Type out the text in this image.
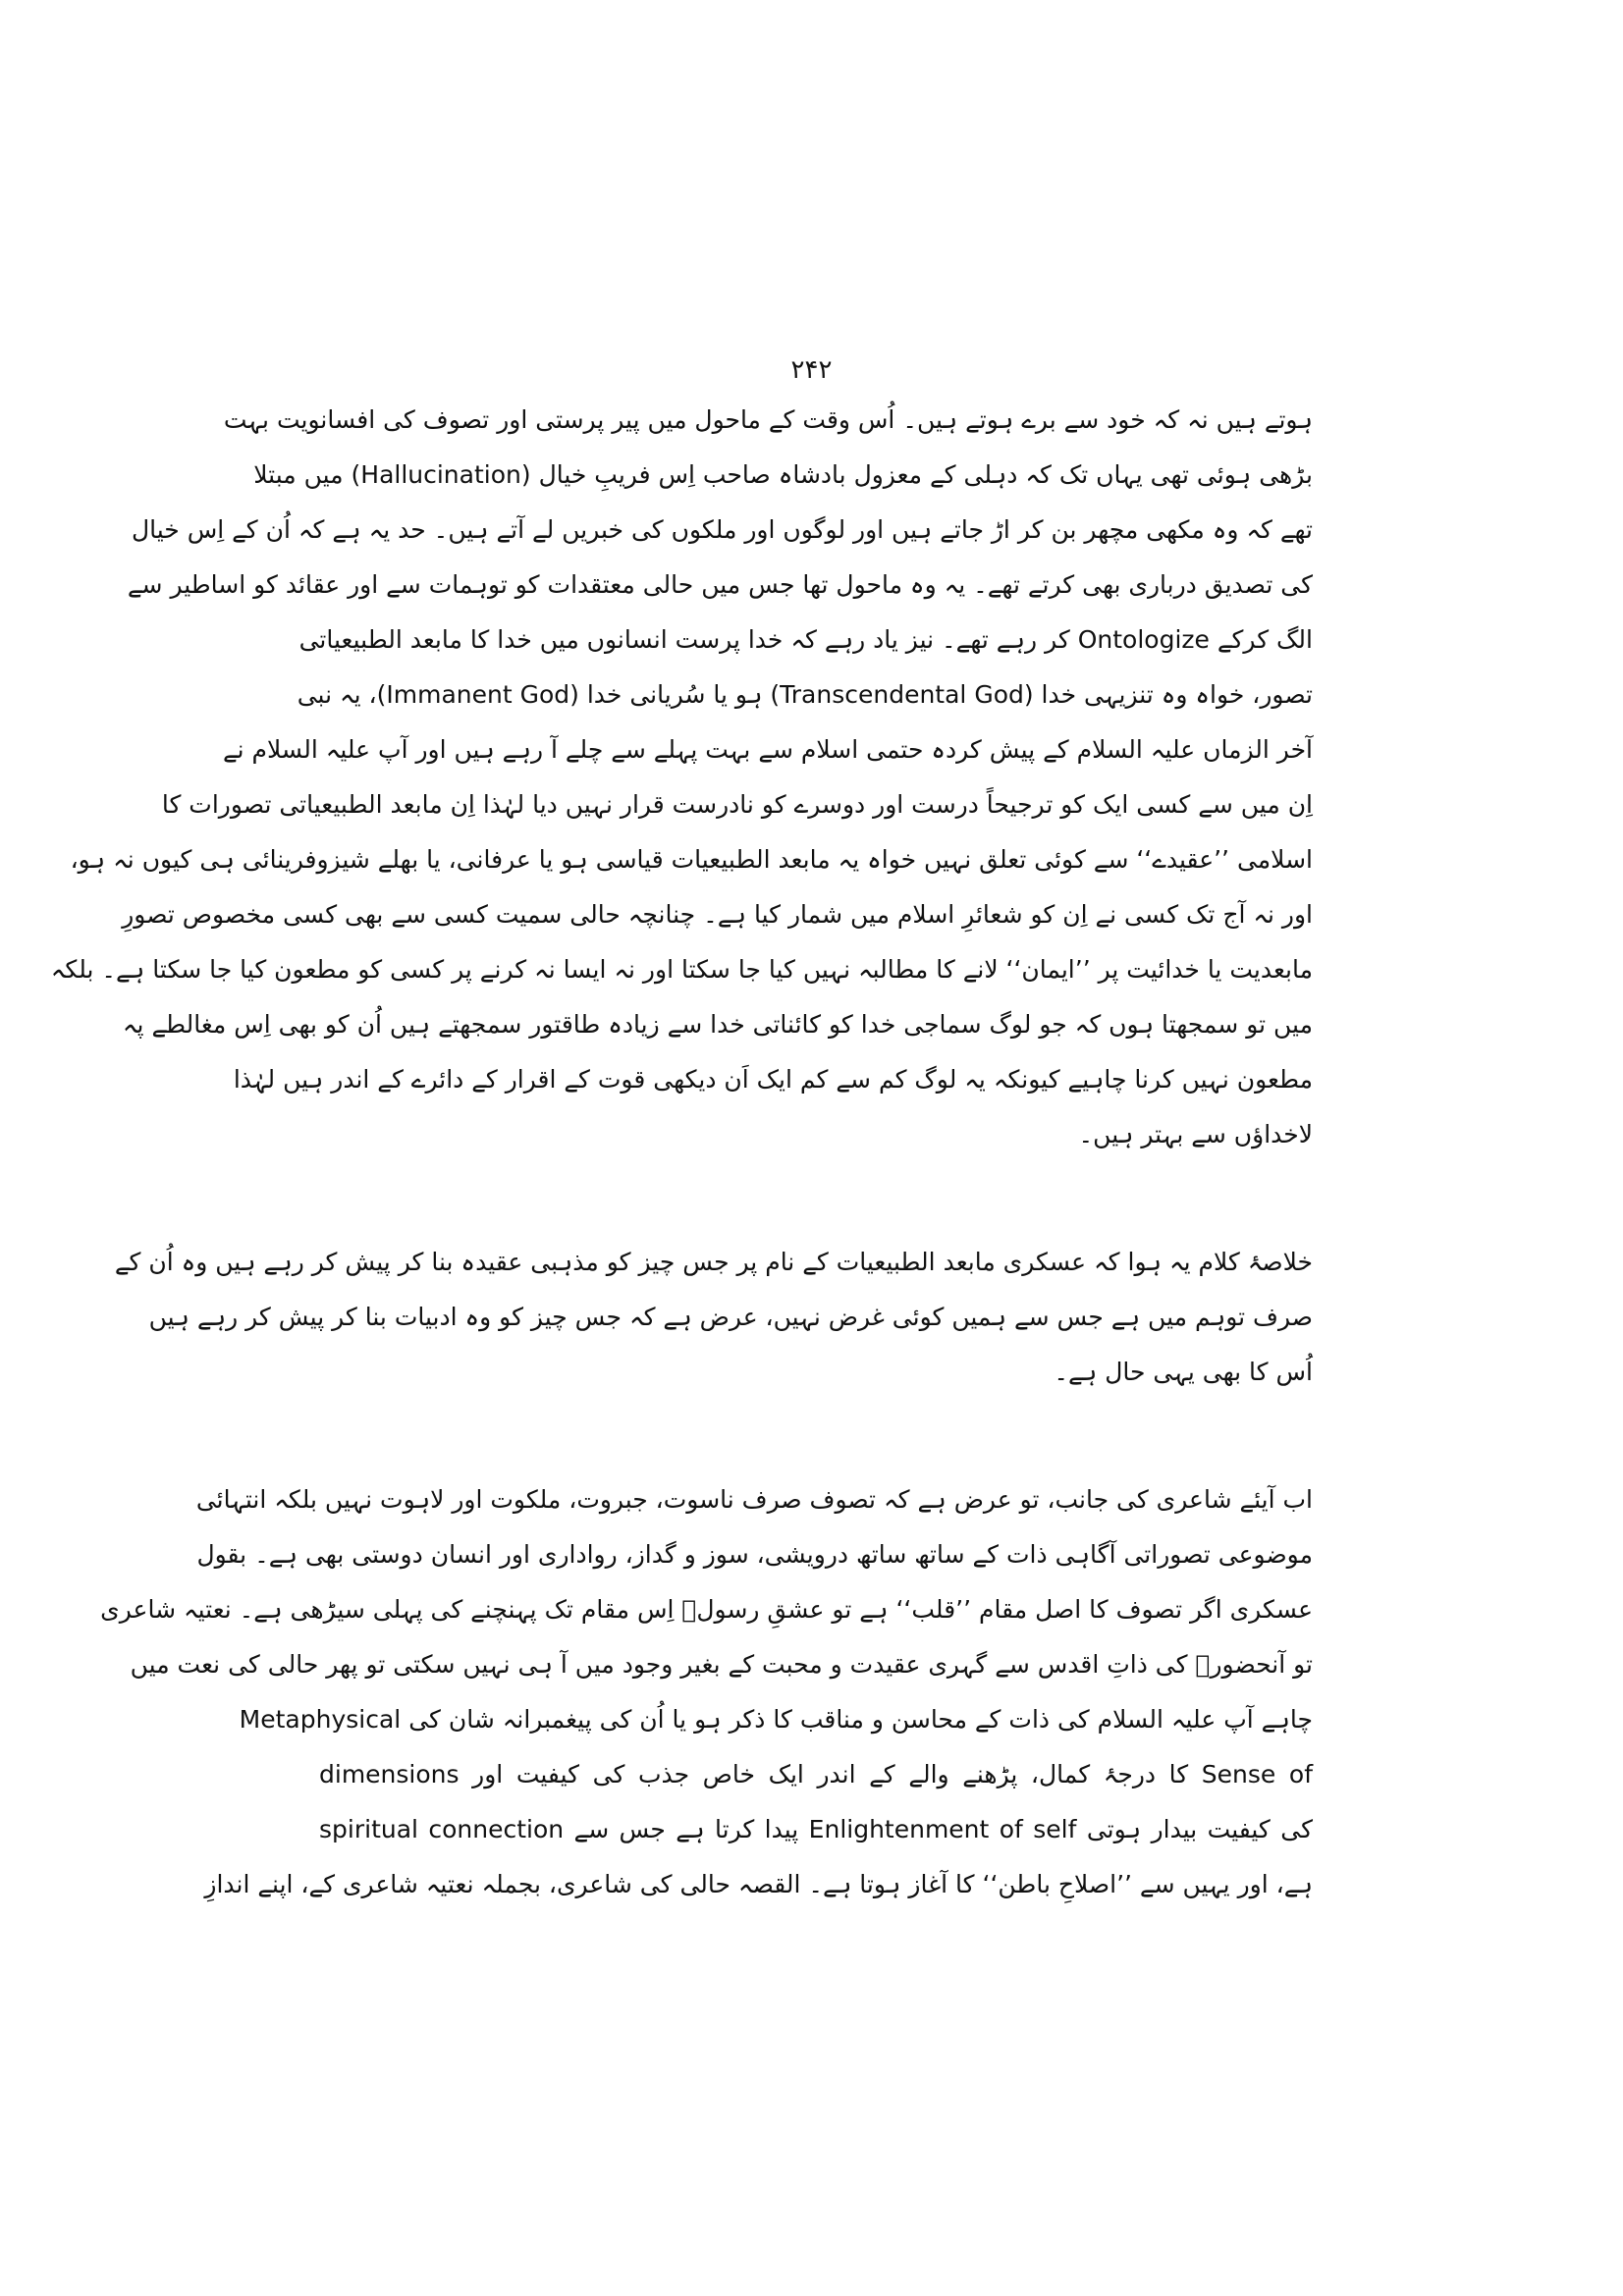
۲۴۲
ہوتے ہیں نہ کہ خود سے برے ہوتے ہیں۔ اُس وقت کے ماحول میں پیر پرستی اور تصوف کی افسانویت بہت
بڑھی ہوئی تھی یہاں تک کہ دہلی کے معزول بادشاہ صاحب اِس فریبِ خیال (Hallucination) میں مبتلا
تھے کہ وہ مکھی مچھر بن کر اڑ جاتے ہیں اور لوگوں اور ملکوں کی خبریں لے آتے ہیں۔ حد یہ ہے کہ اُن کے اِس خیال
کی تصدیق درباری بھی کرتے تھے۔ یہ وہ ماحول تھا جس میں حالی معتقدات کو توہمات سے اور عقائد کو اساطیر سے
الگ کرکے Ontologize کر رہے تھے۔ نیز یاد رہے کہ خدا پرست انسانوں میں خدا کا مابعد الطبیعیاتی
تصور، خواہ وہ تنزیہی خدا (Transcendental God) ہو یا سُریانی خدا (Immanent God)، یہ نبی
آخر الزماں علیہ السلام کے پیش کردہ حتمی اسلام سے بہت پہلے سے چلے آ رہے ہیں اور آپ علیہ السلام نے
اِن میں سے کسی ایک کو ترجیحاً درست اور دوسرے کو نادرست قرار نہیں دیا لہٰذا اِن مابعد الطبیعیاتی تصورات کا
اسلامی ’’عقیدے‘‘ سے کوئی تعلق نہیں خواہ یہ مابعد الطبیعیات قیاسی ہو یا عرفانی، یا بھلے شیزوفرینائی ہی کیوں نہ ہو،
اور نہ آج تک کسی نے اِن کو شعائرِ اسلام میں شمار کیا ہے۔ چنانچہ حالی سمیت کسی سے بھی کسی مخصوص تصورِ
مابعدیت یا خدائیت پر ’’ایمان‘‘ لانے کا مطالبہ نہیں کیا جا سکتا اور نہ ایسا نہ کرنے پر کسی کو مطعون کیا جا سکتا ہے۔ بلکہ
میں تو سمجھتا ہوں کہ جو لوگ سماجی خدا کو کائناتی خدا سے زیادہ طاقتور سمجھتے ہیں اُن کو بھی اِس مغالطے پہ
مطعون نہیں کرنا چاہیے کیونکہ یہ لوگ کم سے کم ایک اَن دیکھی قوت کے اقرار کے دائرے کے اندر ہیں لہٰذا
لاخداؤں سے بہتر ہیں۔
خلاصۂ کلام یہ ہوا کہ عسکری مابعد الطبیعیات کے نام پر جس چیز کو مذہبی عقیدہ بنا کر پیش کر رہے ہیں وہ اُن کے
صرف توہم میں ہے جس سے ہمیں کوئی غرض نہیں، عرض ہے کہ جس چیز کو وہ ادبیات بنا کر پیش کر رہے ہیں
اُس کا بھی یہی حال ہے۔
اب آیئے شاعری کی جانب، تو عرض ہے کہ تصوف صرف ناسوت، جبروت، ملکوت اور لاہوت نہیں بلکہ انتہائی
موضوعی تصوراتی آگاہی ذات کے ساتھ ساتھ درویشی، سوز و گداز، رواداری اور انسان دوستی بھی ہے۔ بقول
عسکری اگر تصوف کا اصل مقام ’’قلب‘‘ ہے تو عشقِ رسولؐ اِس مقام تک پہنچنے کی پہلی سیڑھی ہے۔ نعتیہ شاعری
تو آنحضورؐ کی ذاتِ اقدس سے گہری عقیدت و محبت کے بغیر وجود میں آ ہی نہیں سکتی تو پھر حالی کی نعت میں
چاہے آپ علیہ السلام کی ذات کے محاسن و مناقب کا ذکر ہو یا اُن کی پیغمبرانہ شان کی Metaphysical
dimensions کا درجۂ کمال، پڑھنے والے کے اندر ایک خاص جذب کی کیفیت اور Sense of
spiritual connection پیدا کرتا ہے جس سے Enlightenment of self کی کیفیت بیدار ہوتی
ہے، اور یہیں سے ’’اصلاحِ باطن‘‘ کا آغاز ہوتا ہے۔ القصہ حالی کی شاعری، بجملہ نعتیہ شاعری کے، اپنے اندازِ
